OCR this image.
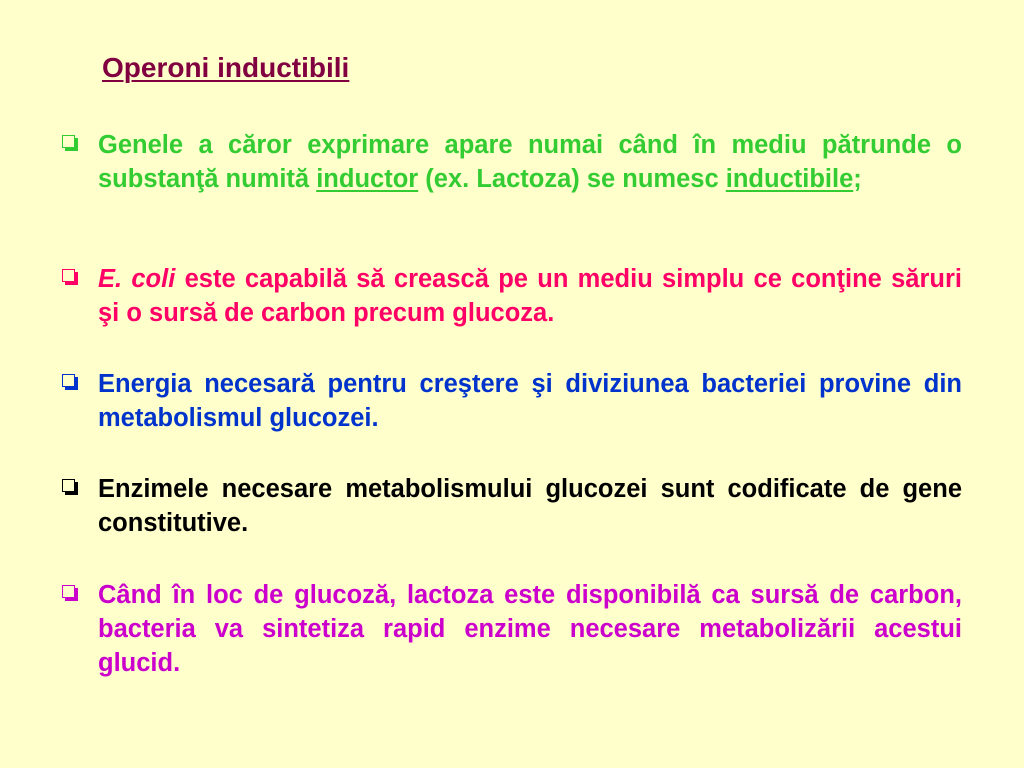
Operoni inductibili
Genele a căror exprimare apare numai când în mediu pătrunde o substanţă numită inductor (ex. Lactoza) se numesc inductibile;
E. coli este capabilă să crească pe un mediu simplu ce conţine săruri şi o sursă de carbon precum glucoza.
Energia necesară pentru creştere şi diviziunea bacteriei provine din metabolismul glucozei.
Enzimele necesare metabolismului glucozei sunt codificate de gene constitutive.
Când în loc de glucoză, lactoza este disponibilă ca sursă de carbon, bacteria va sintetiza rapid enzime necesare metabolizării acestui glucid.
